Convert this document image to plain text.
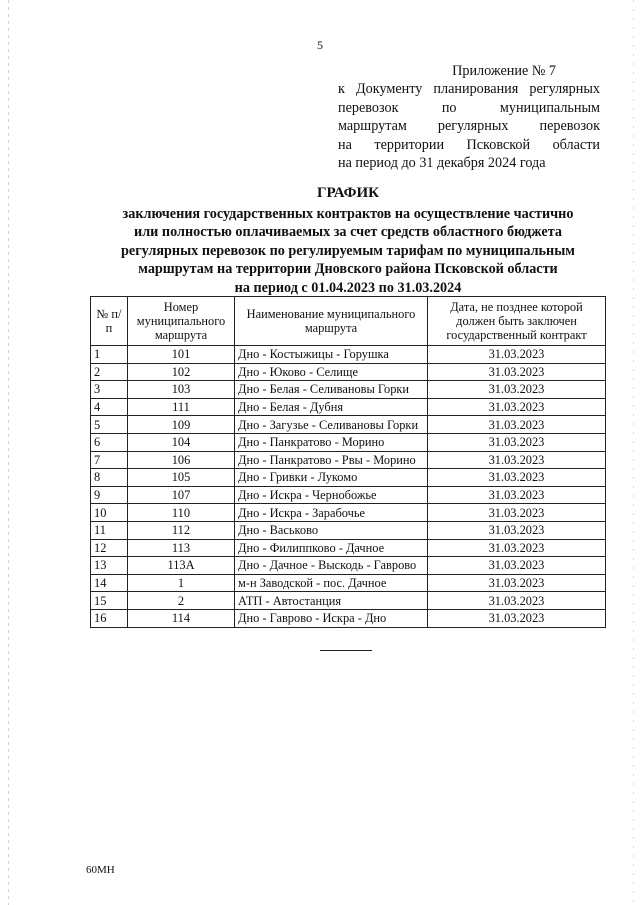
5
Приложение № 7
к Документу планирования регулярных
перевозок по муниципальным
маршрутам регулярных перевозок
на территории Псковской области
на период до 31 декабря 2024 года
ГРАФИК
заключения государственных контрактов на осуществление частично
или полностью оплачиваемых за счет средств областного бюджета
регулярных перевозок по регулируемым тарифам по муниципальным
маршрутам на территории Дновского района Псковской области
на период с 01.04.2023 по 31.03.2024
№ п/п	Номер муниципального маршрута	Наименование муниципального маршрута	Дата, не позднее которой должен быть заключен государственный контракт
1	101	Дно - Костыжицы - Горушка	31.03.2023
2	102	Дно - Юково - Селище	31.03.2023
3	103	Дно - Белая - Селивановы Горки	31.03.2023
4	111	Дно - Белая - Дубня	31.03.2023
5	109	Дно - Загузье - Селивановы Горки	31.03.2023
6	104	Дно - Панкратово - Морино	31.03.2023
7	106	Дно - Панкратово - Рвы - Морино	31.03.2023
8	105	Дно - Гривки - Лукомо	31.03.2023
9	107	Дно - Искра - Чернобожье	31.03.2023
10	110	Дно - Искра - Зарабочье	31.03.2023
11	112	Дно - Васьково	31.03.2023
12	113	Дно - Филиппково - Дачное	31.03.2023
13	113А	Дно - Дачное - Выскодь - Гаврово	31.03.2023
14	1	м-н Заводской - пос. Дачное	31.03.2023
15	2	АТП - Автостанция	31.03.2023
16	114	Дно - Гаврово - Искра - Дно	31.03.2023
60МН
